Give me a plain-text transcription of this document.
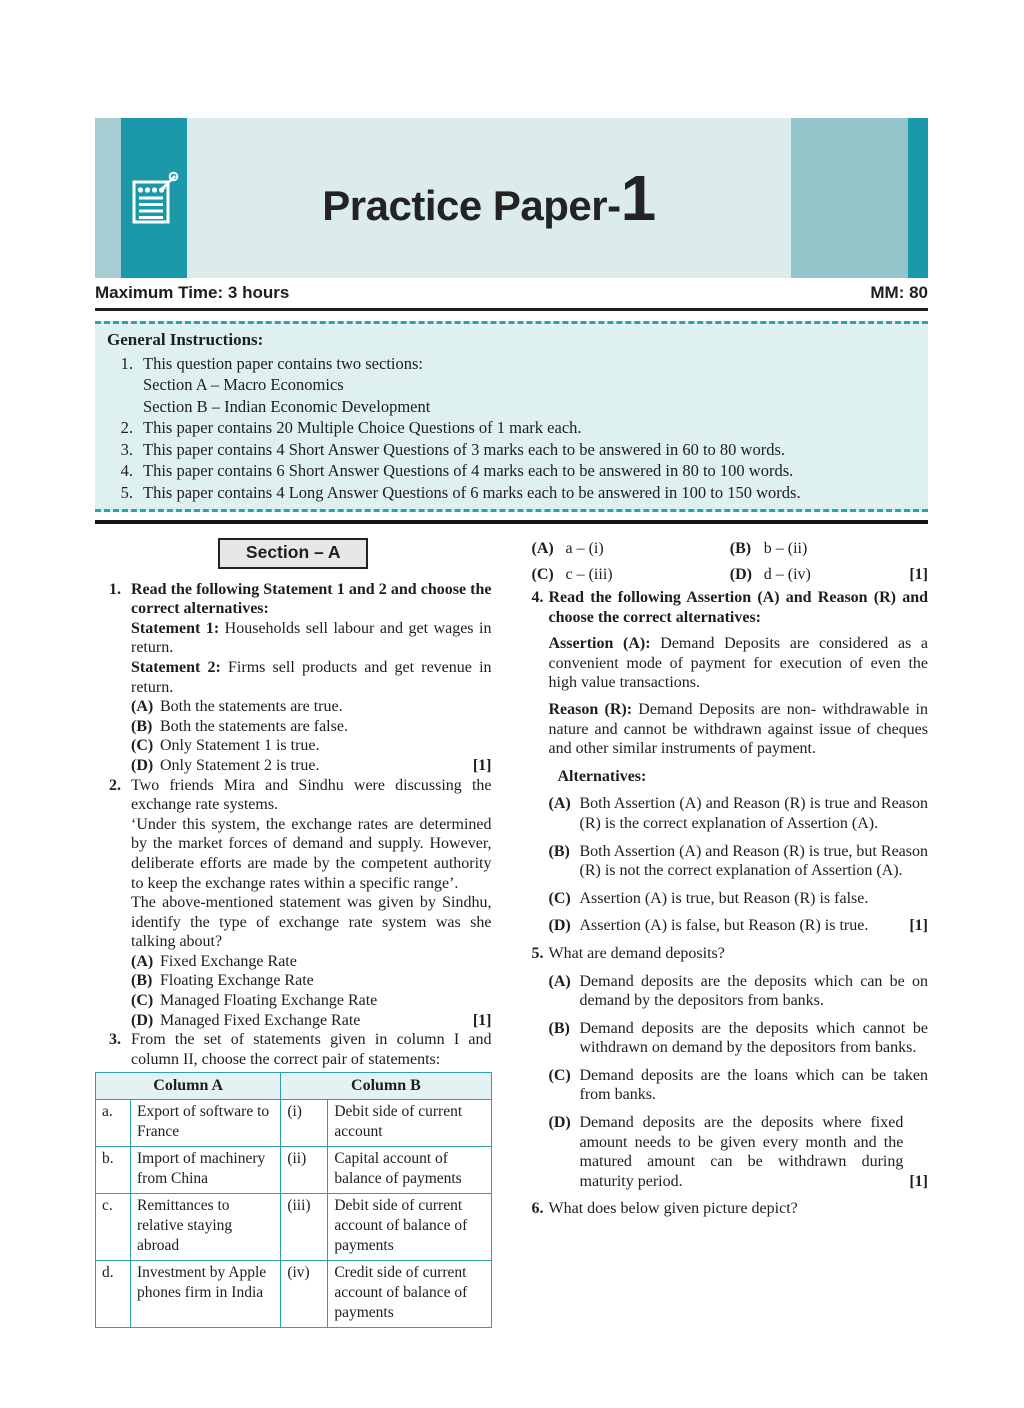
Practice Paper-1
Maximum Time: 3 hours	MM: 80
General Instructions:
1. This question paper contains two sections:
Section A – Macro Economics
Section B – Indian Economic Development
2. This paper contains 20 Multiple Choice Questions of 1 mark each.
3. This paper contains 4 Short Answer Questions of 3 marks each to be answered in 60 to 80 words.
4. This paper contains 6 Short Answer Questions of 4 marks each to be answered in 80 to 100 words.
5. This paper contains 4 Long Answer Questions of 6 marks each to be answered in 100 to 150 words.
Section – A
1. Read the following Statement 1 and 2 and choose the correct alternatives:

Statement 1: Households sell labour and get wages in return.

Statement 2: Firms sell products and get revenue in return.

(A) Both the statements are true.
(B) Both the statements are false.
(C) Only Statement 1 is true.
(D) Only Statement 2 is true.	[1]
2. Two friends Mira and Sindhu were discussing the exchange rate systems.

‘Under this system, the exchange rates are determined by the market forces of demand and supply. However, deliberate efforts are made by the competent authority to keep the exchange rates within a specific range’.

The above-mentioned statement was given by Sindhu, identify the type of exchange rate system was she talking about?

(A) Fixed Exchange Rate
(B) Floating Exchange Rate
(C) Managed Floating Exchange Rate
(D) Managed Fixed Exchange Rate	[1]
3. From the set of statements given in column I and column II, choose the correct pair of statements:

Column A		Column B	
a.	Export of software to France	(i)	Debit side of current account
b.	Import of machinery from China	(ii)	Capital account of balance of payments
c.	Remittances to relative staying abroad	(iii)	Debit side of current account of balance of payments
d.	Investment by Apple phones firm in India	(iv)	Credit side of current account of balance of payments
(A) a – (i)	(B) b – (ii)
(C) c – (iii)	(D) d – (iv)	[1]
4. Read the following Assertion (A) and Reason (R) and choose the correct alternatives:

Assertion (A): Demand Deposits are considered as a convenient mode of payment for execution of even the high value transactions.

Reason (R): Demand Deposits are non- withdrawable in nature and cannot be withdrawn against issue of cheques and other similar instruments of payment.

Alternatives:
(A) Both Assertion (A) and Reason (R) is true and Reason (R) is the correct explanation of Assertion (A).
(B) Both Assertion (A) and Reason (R) is true, but Reason (R) is not the correct explanation of Assertion (A).
(C) Assertion (A) is true, but Reason (R) is false.
(D) Assertion (A) is false, but Reason (R) is true.	[1]
5. What are demand deposits?

(A) Demand deposits are the deposits which can be on demand by the depositors from banks.
(B) Demand deposits are the deposits which cannot be withdrawn on demand by the depositors from banks.
(C) Demand deposits are the loans which can be taken from banks.
(D) Demand deposits are the deposits where fixed amount needs to be given every month and the matured amount can be withdrawn during maturity period.	[1]
6. What does below given picture depict?
